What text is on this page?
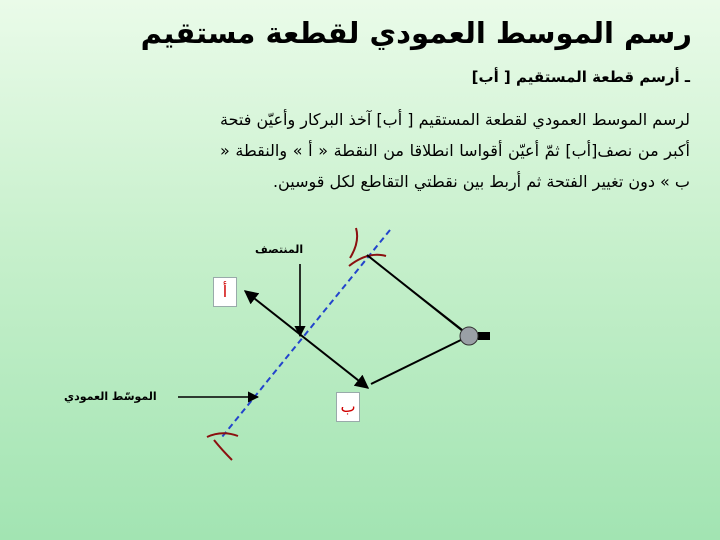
رسم الموسط العمودي لقطعة مستقيم
ـ أرسم قطعة المستقيم [ أب]
لرسم الموسط العمودي لقطعة المستقيم [ أب] آخذ البركار وأعيّن فتحة أكبر من نصف[أب] ثمّ أعيّن أقواسا انطلاقا من النقطة « أ » والنقطة « ب » دون تغيير الفتحة ثم أربط بين نقطتي التقاطع لكل قوسين.
أ
ب
المنتصف
الموسّط العمودي
